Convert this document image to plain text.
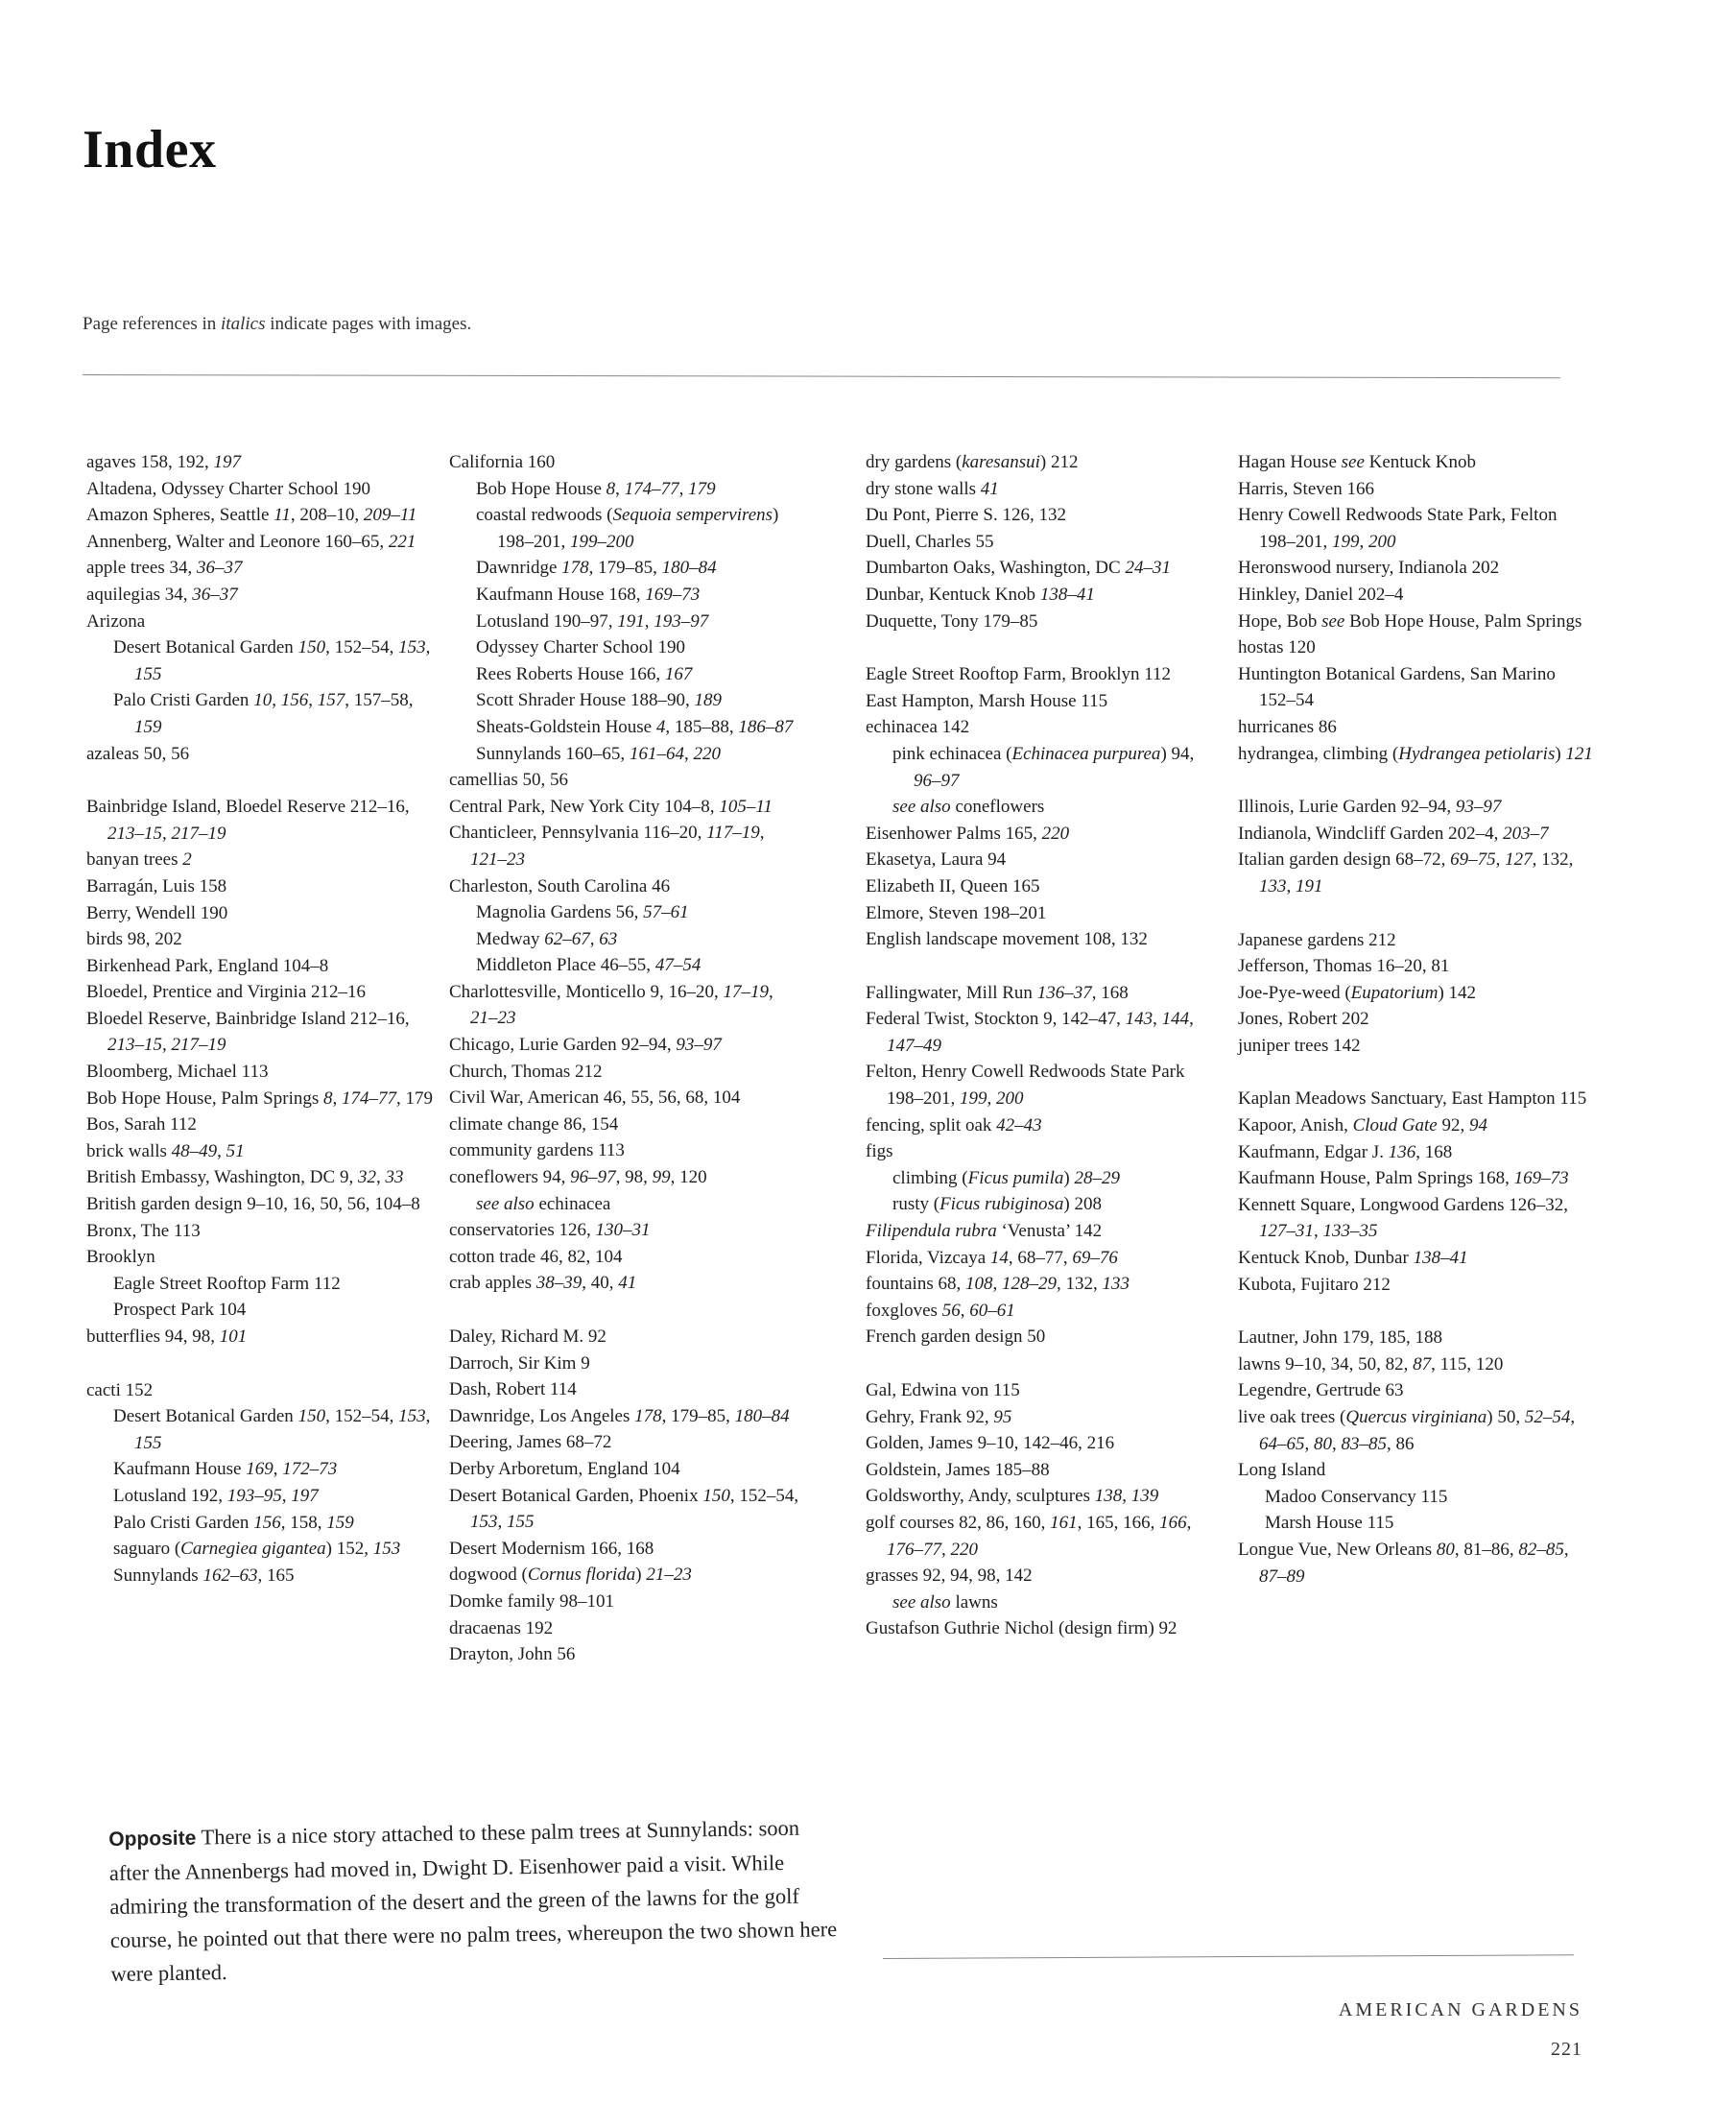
Index
Page references in italics indicate pages with images.
agaves 158, 192, 197
Altadena, Odyssey Charter School 190
Amazon Spheres, Seattle 11, 208–10, 209–11
Annenberg, Walter and Leonore 160–65, 221
apple trees 34, 36–37
aquilegias 34, 36–37
Arizona
Desert Botanical Garden 150, 152–54, 153, 155
Palo Cristi Garden 10, 156, 157, 157–58, 159
azaleas 50, 56
Bainbridge Island, Bloedel Reserve 212–16, 213–15, 217–19
banyan trees 2
Barragán, Luis 158
Berry, Wendell 190
birds 98, 202
Birkenhead Park, England 104–8
Bloedel, Prentice and Virginia 212–16
Bloedel Reserve, Bainbridge Island 212–16, 213–15, 217–19
Bloomberg, Michael 113
Bob Hope House, Palm Springs 8, 174–77, 179
Bos, Sarah 112
brick walls 48–49, 51
British Embassy, Washington, DC 9, 32, 33
British garden design 9–10, 16, 50, 56, 104–8
Bronx, The 113
Brooklyn
Eagle Street Rooftop Farm 112
Prospect Park 104
butterflies 94, 98, 101
cacti 152
Desert Botanical Garden 150, 152–54, 153, 155
Kaufmann House 169, 172–73
Lotusland 192, 193–95, 197
Palo Cristi Garden 156, 158, 159
saguaro (Carnegiea gigantea) 152, 153
Sunnylands 162–63, 165
California 160
Bob Hope House 8, 174–77, 179
coastal redwoods (Sequoia sempervirens) 198–201, 199–200
Dawnridge 178, 179–85, 180–84
Kaufmann House 168, 169–73
Lotusland 190–97, 191, 193–97
Odyssey Charter School 190
Rees Roberts House 166, 167
Scott Shrader House 188–90, 189
Sheats-Goldstein House 4, 185–88, 186–87
Sunnylands 160–65, 161–64, 220
camellias 50, 56
Central Park, New York City 104–8, 105–11
Chanticleer, Pennsylvania 116–20, 117–19, 121–23
Charleston, South Carolina 46
Magnolia Gardens 56, 57–61
Medway 62–67, 63
Middleton Place 46–55, 47–54
Charlottesville, Monticello 9, 16–20, 17–19, 21–23
Chicago, Lurie Garden 92–94, 93–97
Church, Thomas 212
Civil War, American 46, 55, 56, 68, 104
climate change 86, 154
community gardens 113
coneflowers 94, 96–97, 98, 99, 120
see also echinacea
conservatories 126, 130–31
cotton trade 46, 82, 104
crab apples 38–39, 40, 41
Daley, Richard M. 92
Darroch, Sir Kim 9
Dash, Robert 114
Dawnridge, Los Angeles 178, 179–85, 180–84
Deering, James 68–72
Derby Arboretum, England 104
Desert Botanical Garden, Phoenix 150, 152–54, 153, 155
Desert Modernism 166, 168
dogwood (Cornus florida) 21–23
Domke family 98–101
dracaenas 192
Drayton, John 56
dry gardens (karesansui) 212
dry stone walls 41
Du Pont, Pierre S. 126, 132
Duell, Charles 55
Dumbarton Oaks, Washington, DC 24–31
Dunbar, Kentuck Knob 138–41
Duquette, Tony 179–85
Eagle Street Rooftop Farm, Brooklyn 112
East Hampton, Marsh House 115
echinacea 142
pink echinacea (Echinacea purpurea) 94, 96–97
see also coneflowers
Eisenhower Palms 165, 220
Ekasetya, Laura 94
Elizabeth II, Queen 165
Elmore, Steven 198–201
English landscape movement 108, 132
Fallingwater, Mill Run 136–37, 168
Federal Twist, Stockton 9, 142–47, 143, 144, 147–49
Felton, Henry Cowell Redwoods State Park 198–201, 199, 200
fencing, split oak 42–43
figs
climbing (Ficus pumila) 28–29
rusty (Ficus rubiginosa) 208
Filipendula rubra ‘Venusta’ 142
Florida, Vizcaya 14, 68–77, 69–76
fountains 68, 108, 128–29, 132, 133
foxgloves 56, 60–61
French garden design 50
Gal, Edwina von 115
Gehry, Frank 92, 95
Golden, James 9–10, 142–46, 216
Goldstein, James 185–88
Goldsworthy, Andy, sculptures 138, 139
golf courses 82, 86, 160, 161, 165, 166, 166, 176–77, 220
grasses 92, 94, 98, 142
see also lawns
Gustafson Guthrie Nichol (design firm) 92
Hagan House see Kentuck Knob
Harris, Steven 166
Henry Cowell Redwoods State Park, Felton 198–201, 199, 200
Heronswood nursery, Indianola 202
Hinkley, Daniel 202–4
Hope, Bob see Bob Hope House, Palm Springs
hostas 120
Huntington Botanical Gardens, San Marino 152–54
hurricanes 86
hydrangea, climbing (Hydrangea petiolaris) 121
Illinois, Lurie Garden 92–94, 93–97
Indianola, Windcliff Garden 202–4, 203–7
Italian garden design 68–72, 69–75, 127, 132, 133, 191
Japanese gardens 212
Jefferson, Thomas 16–20, 81
Joe-Pye-weed (Eupatorium) 142
Jones, Robert 202
juniper trees 142
Kaplan Meadows Sanctuary, East Hampton 115
Kapoor, Anish, Cloud Gate 92, 94
Kaufmann, Edgar J. 136, 168
Kaufmann House, Palm Springs 168, 169–73
Kennett Square, Longwood Gardens 126–32, 127–31, 133–35
Kentuck Knob, Dunbar 138–41
Kubota, Fujitaro 212
Lautner, John 179, 185, 188
lawns 9–10, 34, 50, 82, 87, 115, 120
Legendre, Gertrude 63
live oak trees (Quercus virginiana) 50, 52–54, 64–65, 80, 83–85, 86
Long Island
Madoo Conservancy 115
Marsh House 115
Longue Vue, New Orleans 80, 81–86, 82–85, 87–89
Opposite There is a nice story attached to these palm trees at Sunnylands: soon after the Annenbergs had moved in, Dwight D. Eisenhower paid a visit. While admiring the transformation of the desert and the green of the lawns for the golf course, he pointed out that there were no palm trees, whereupon the two shown here were planted.
AMERICAN GARDENS
221
